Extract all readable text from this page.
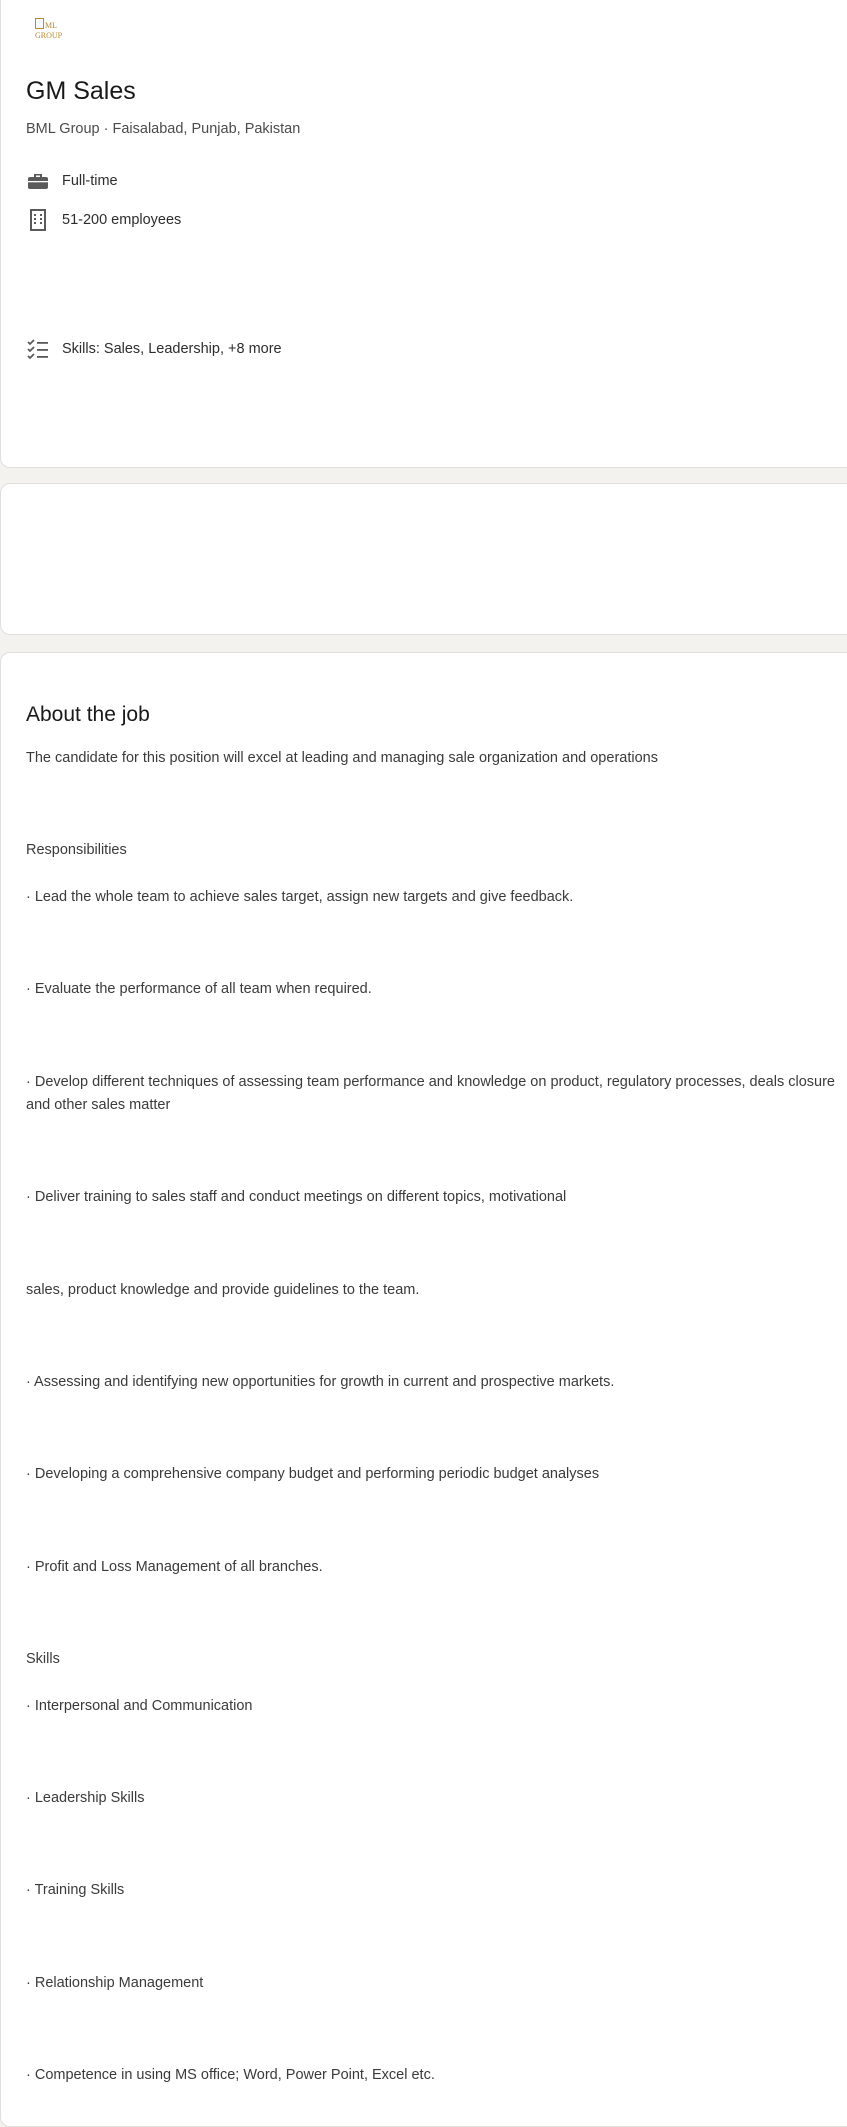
ML
GROUP
GM Sales
BML Group · Faisalabad, Punjab, Pakistan
Full-time
51-200 employees
Skills: Sales, Leadership, +8 more
About the job
The candidate for this position will excel at leading and managing sale organization and operations
Responsibilities
· Lead the whole team to achieve sales target, assign new targets and give feedback.
· Evaluate the performance of all team when required.
· Develop different techniques of assessing team performance and knowledge on product, regulatory processes, deals closure and other sales matter
· Deliver training to sales staff and conduct meetings on different topics, motivational
sales, product knowledge and provide guidelines to the team.
· Assessing and identifying new opportunities for growth in current and prospective markets.
· Developing a comprehensive company budget and performing periodic budget analyses
· Profit and Loss Management of all branches.
Skills
· Interpersonal and Communication
· Leadership Skills
· Training Skills
· Relationship Management
· Competence in using MS office; Word, Power Point, Excel etc.
